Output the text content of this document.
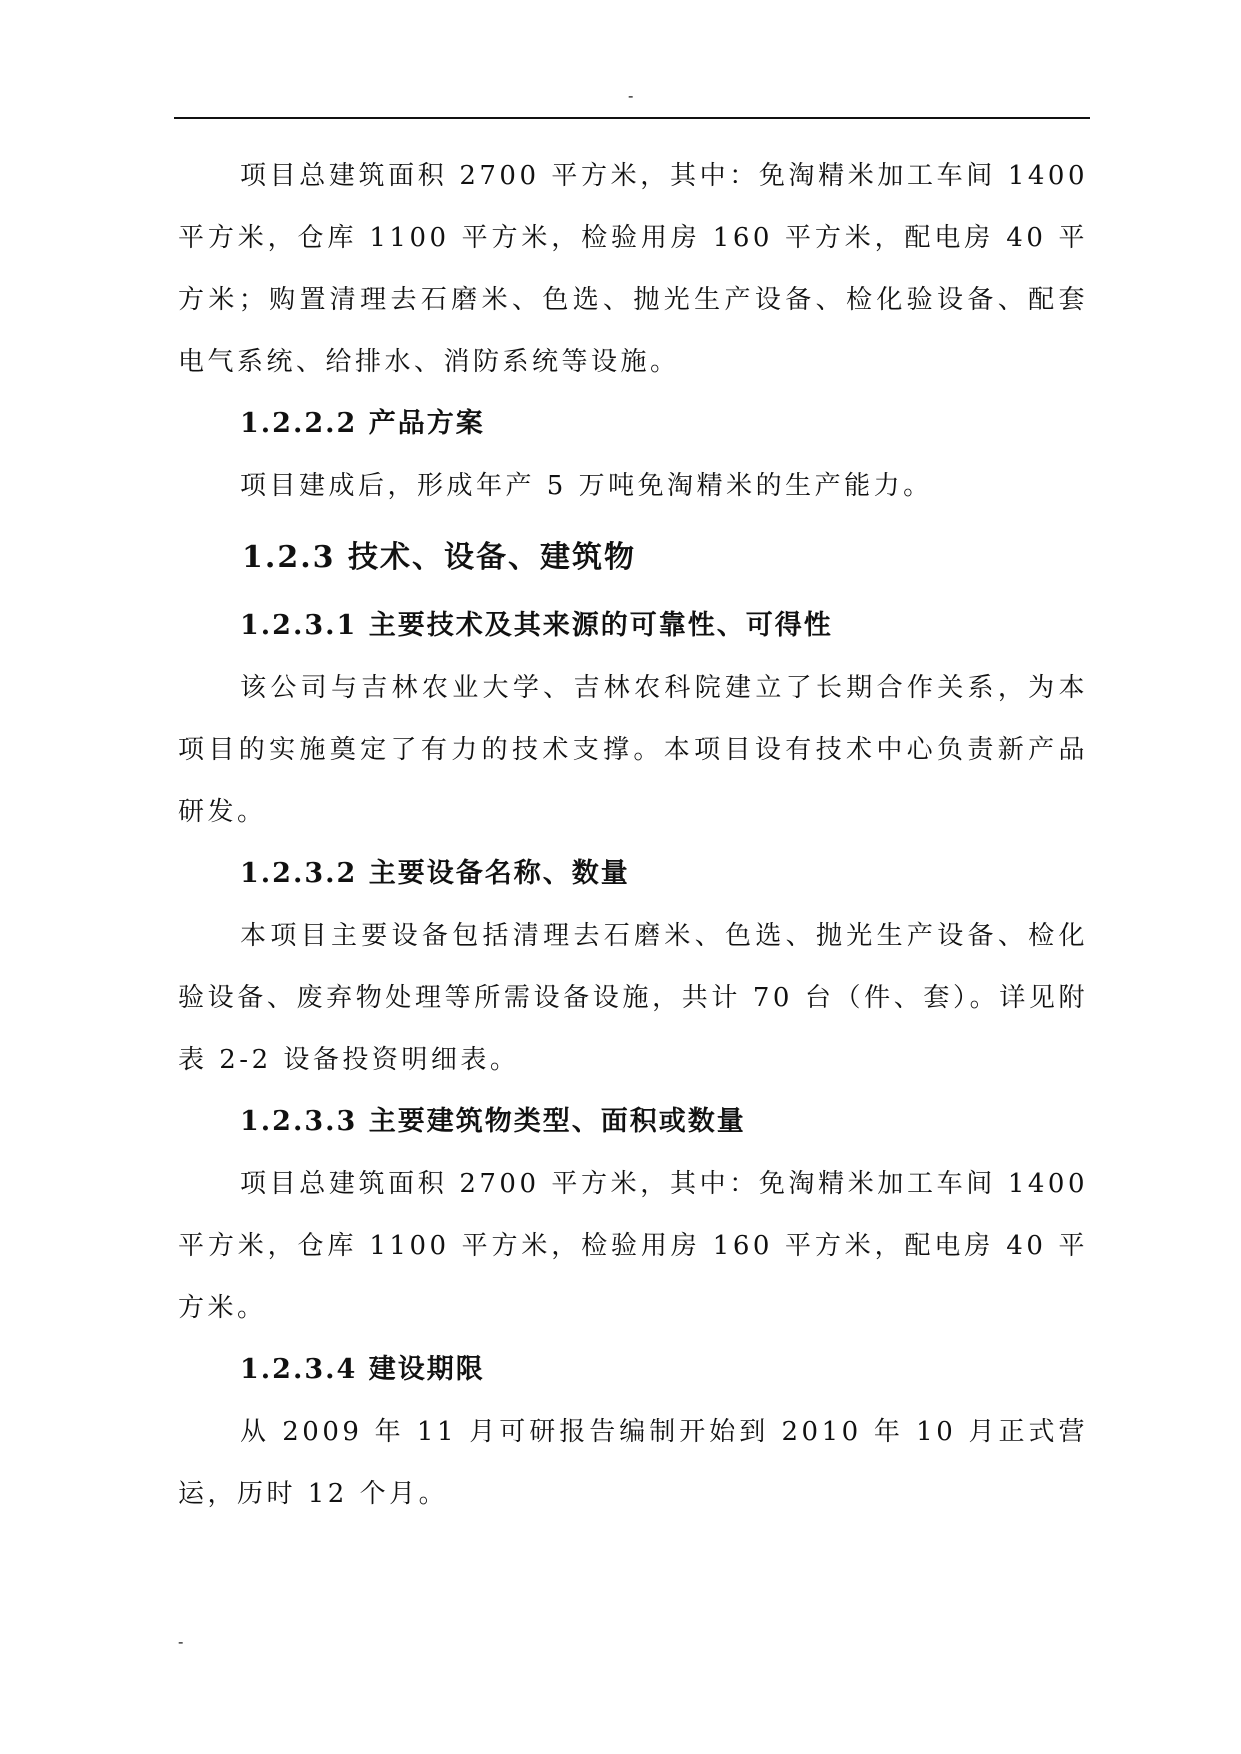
-

项目总建筑面积 2700 平方米，其中：免淘精米加工车间 1400 平方米，仓库 1100 平方米，检验用房 160 平方米，配电房 40 平方米；购置清理去石磨米、色选、抛光生产设备、检化验设备、配套电气系统、给排水、消防系统等设施。

1.2.2.2 产品方案

项目建成后，形成年产 5 万吨免淘精米的生产能力。

1.2.3 技术、设备、建筑物

1.2.3.1 主要技术及其来源的可靠性、可得性

该公司与吉林农业大学、吉林农科院建立了长期合作关系，为本项目的实施奠定了有力的技术支撑。本项目设有技术中心负责新产品研发。

1.2.3.2 主要设备名称、数量

本项目主要设备包括清理去石磨米、色选、抛光生产设备、检化验设备、废弃物处理等所需设备设施，共计 70 台（件、套）。详见附表 2-2 设备投资明细表。

1.2.3.3 主要建筑物类型、面积或数量

项目总建筑面积 2700 平方米，其中：免淘精米加工车间 1400 平方米，仓库 1100 平方米，检验用房 160 平方米，配电房 40 平方米。

1.2.3.4 建设期限

从 2009 年 11 月可研报告编制开始到 2010 年 10 月正式营运，历时 12 个月。

-
